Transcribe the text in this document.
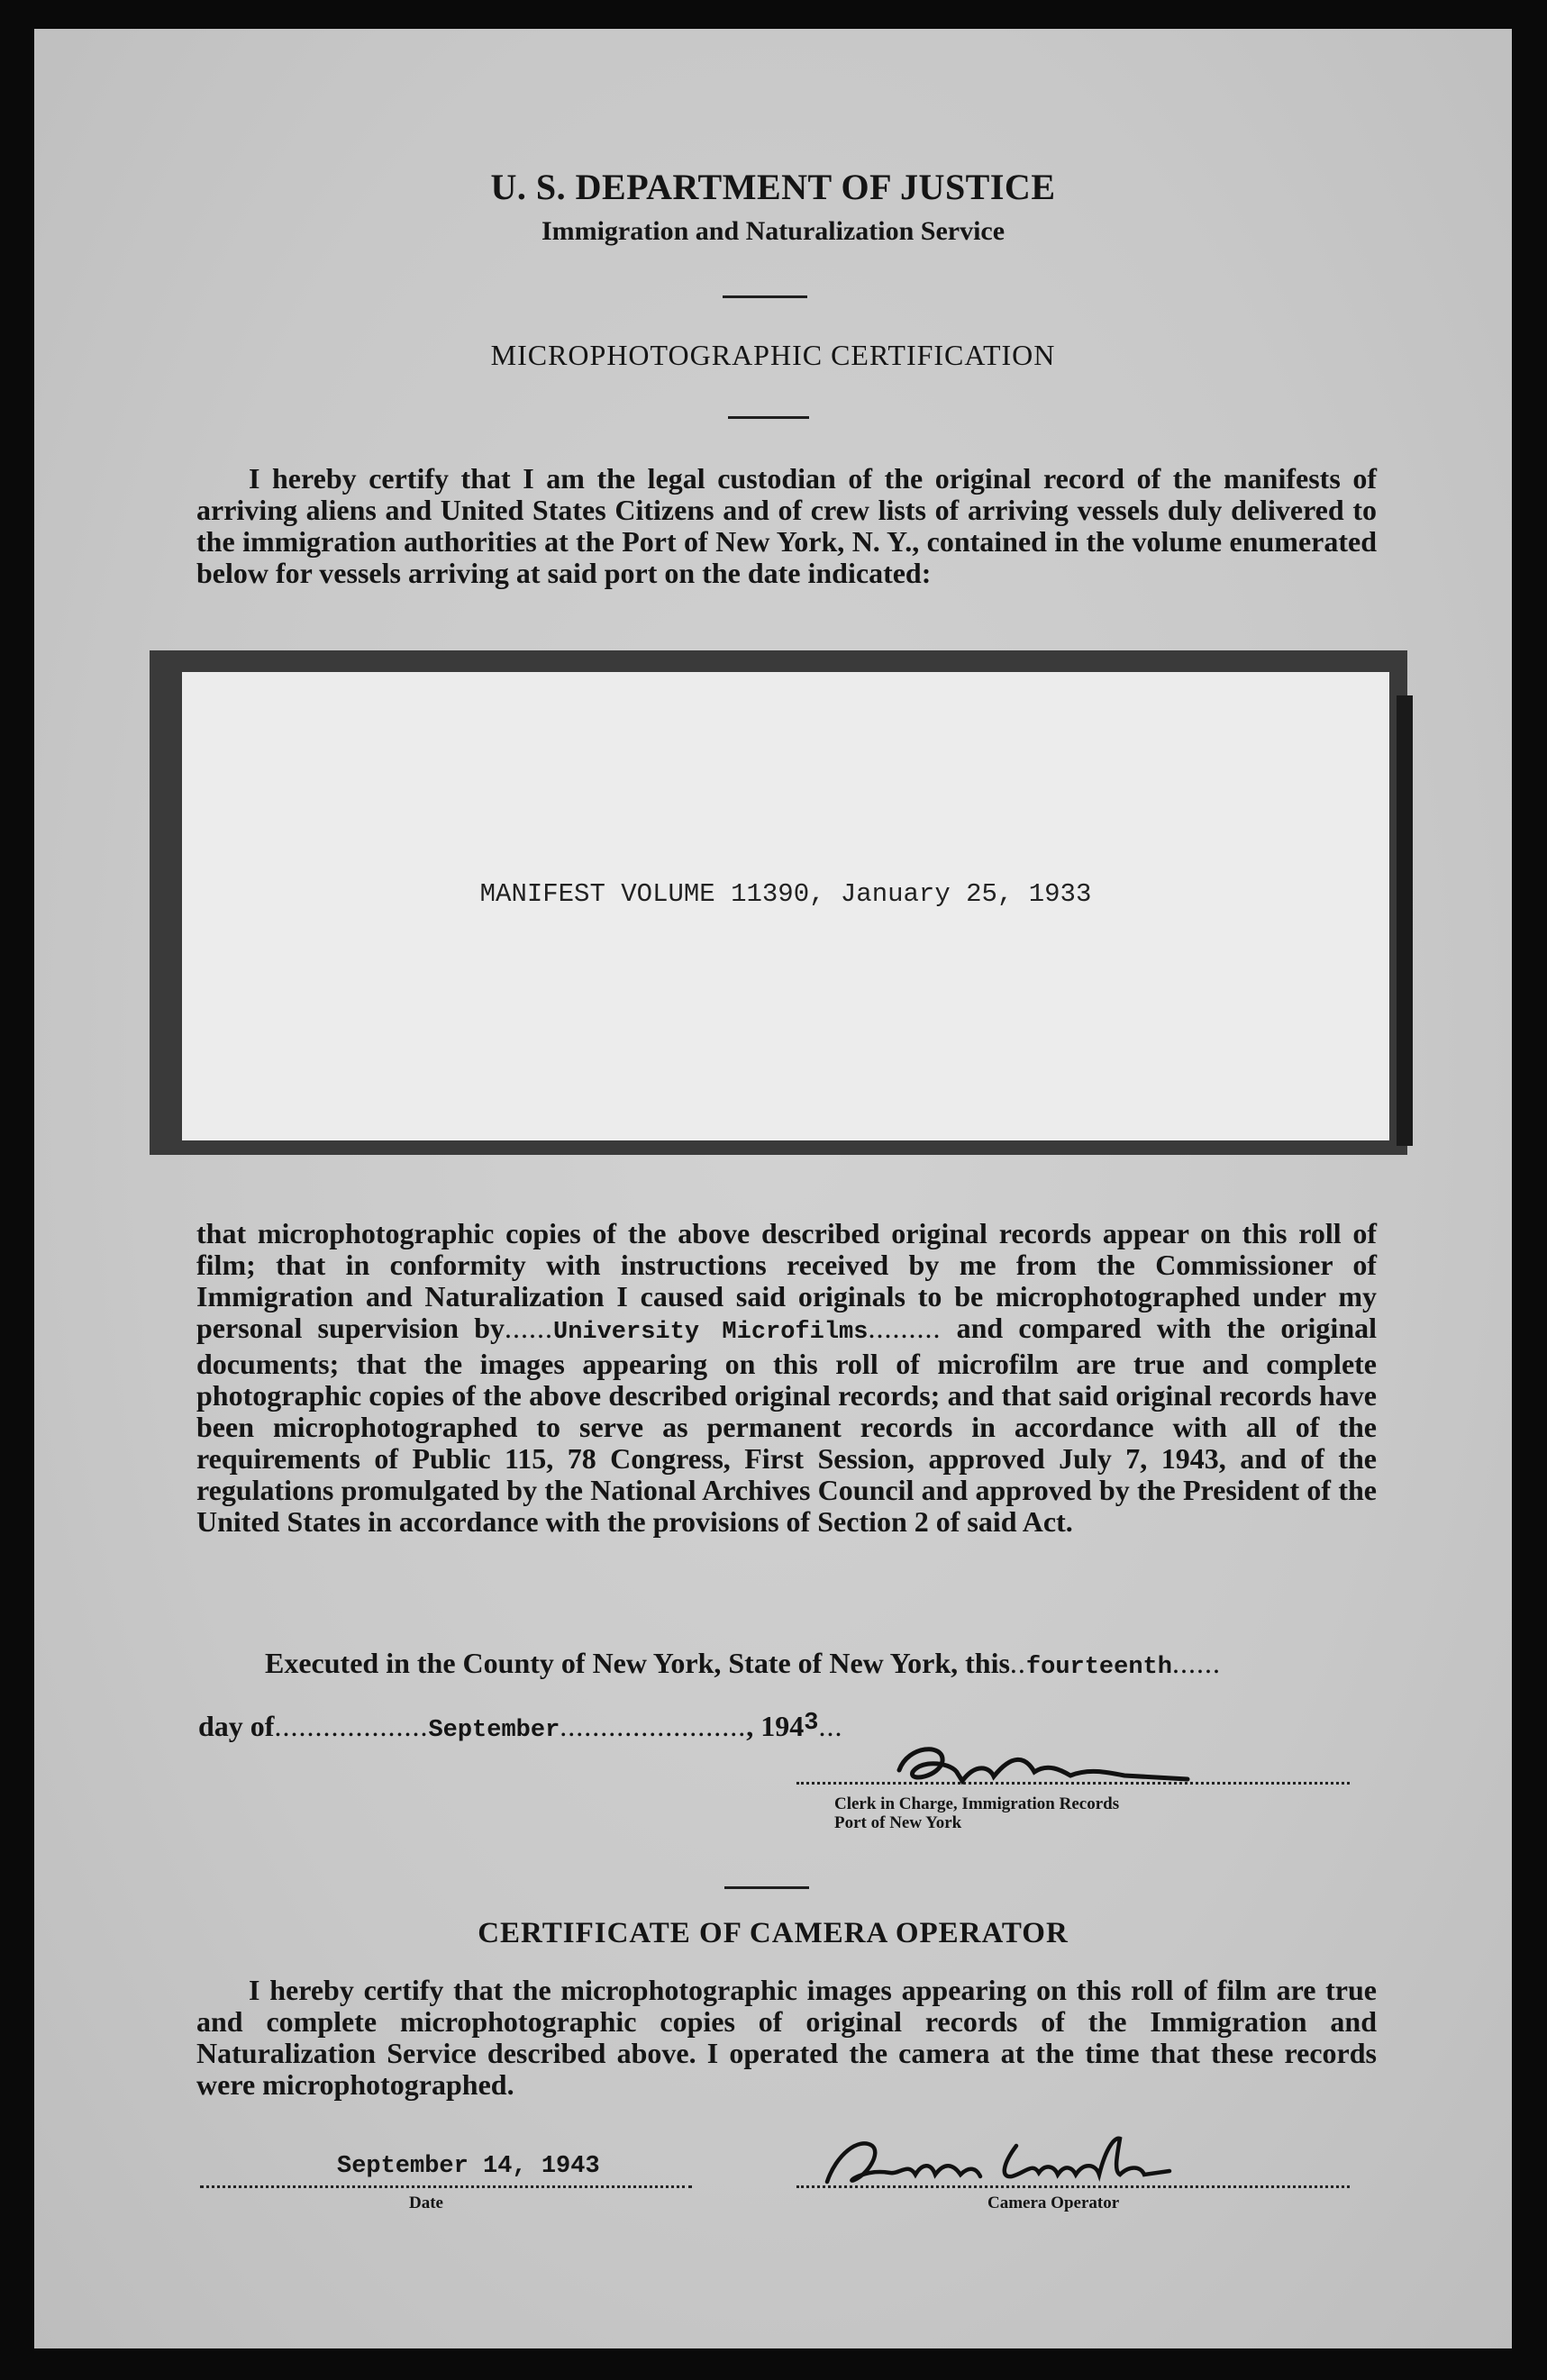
U. S. DEPARTMENT OF JUSTICE
Immigration and Naturalization Service
MICROPHOTOGRAPHIC CERTIFICATION
I hereby certify that I am the legal custodian of the original record of the manifests of arriving aliens and United States Citizens and of crew lists of arriving vessels duly delivered to the immigration authorities at the Port of New York, N. Y., contained in the volume enumerated below for vessels arriving at said port on the date indicated:
MANIFEST VOLUME 11390, January 25, 1933
that microphotographic copies of the above described original records appear on this roll of film; that in conformity with instructions received by me from the Commissioner of Immigration and Naturalization I caused said originals to be microphotographed under my personal supervision by......University Microfilms......... and compared with the original documents; that the images appearing on this roll of microfilm are true and complete photographic copies of the above described original records; and that said original records have been microphotographed to serve as permanent records in accordance with all of the requirements of Public 115, 78 Congress, First Session, approved July 7, 1943, and of the regulations promulgated by the National Archives Council and approved by the President of the United States in accordance with the provisions of Section 2 of said Act.
Executed in the County of New York, State of New York, this..fourteenth......
day of...................September......................., $194^3$...
Clerk in Charge, Immigration Records
Port of New York
CERTIFICATE OF CAMERA OPERATOR
I hereby certify that the microphotographic images appearing on this roll of film are true and complete microphotographic copies of original records of the Immigration and Naturalization Service described above. I operated the camera at the time that these records were microphotographed.
September 14, 1943
Date	Camera Operator
